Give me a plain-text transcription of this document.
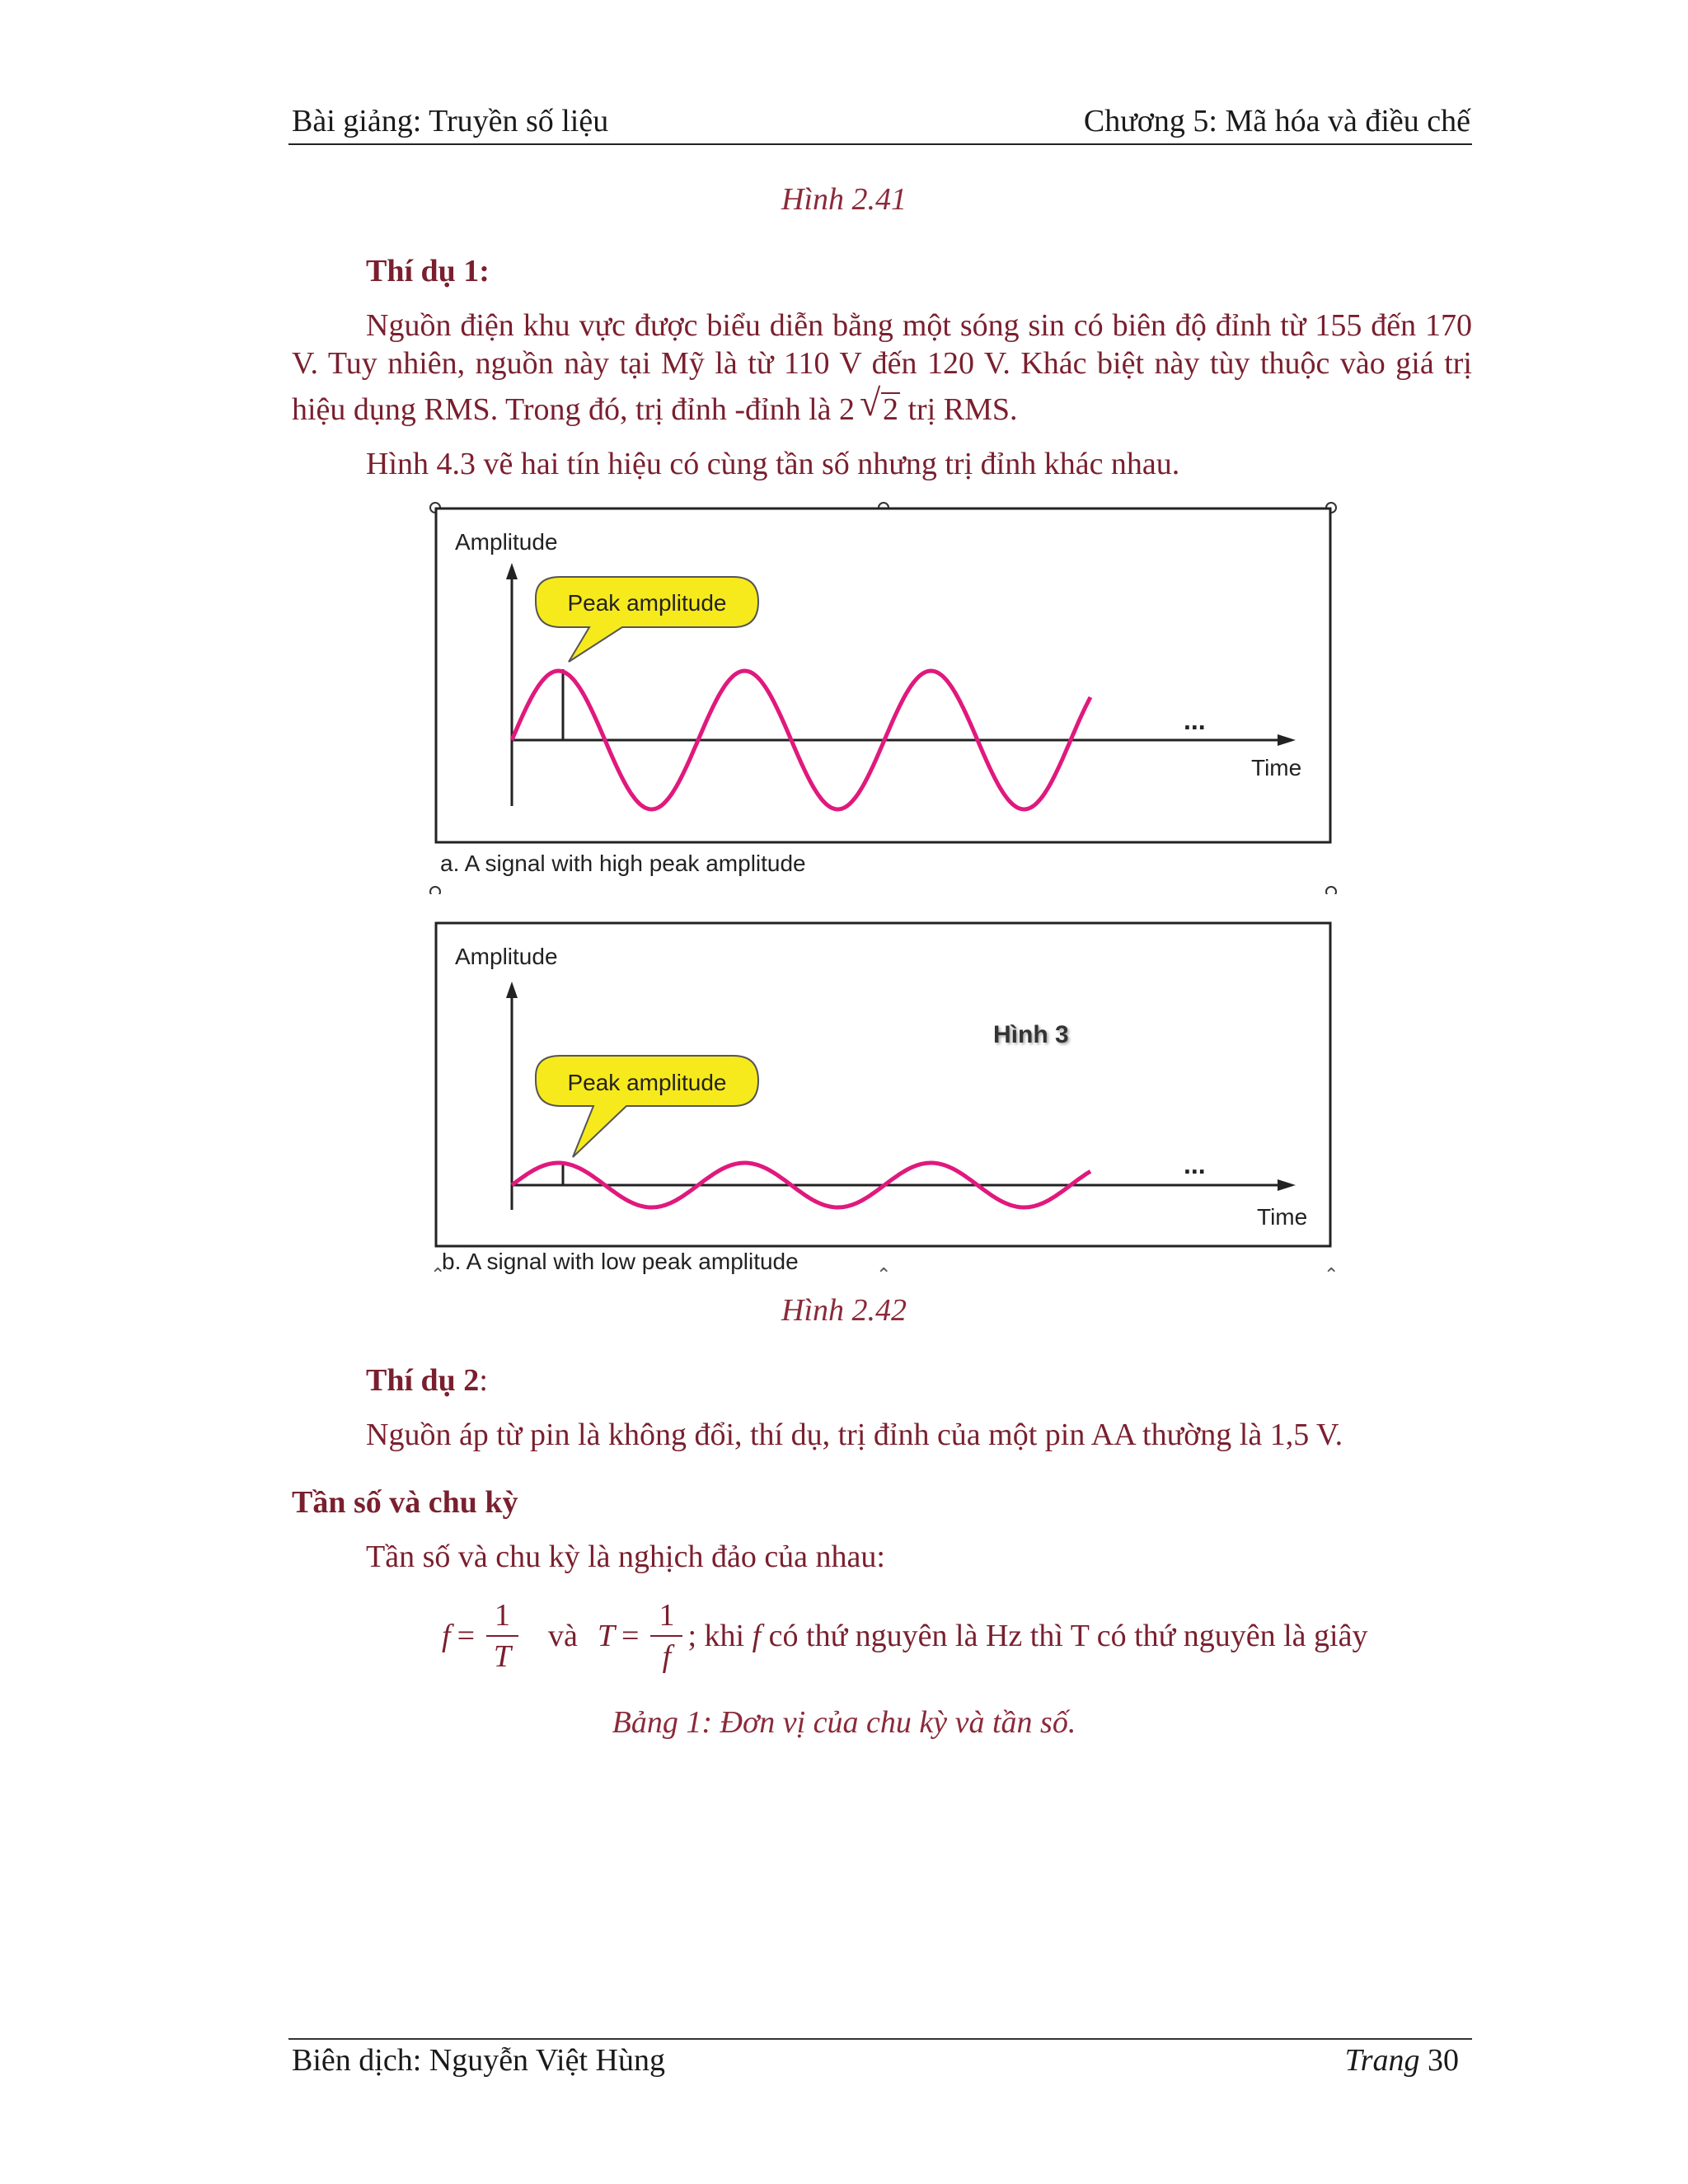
Bài giảng: Truyền số liệu	Chương 5: Mã hóa và điều chế
Hình 2.41
Thí dụ 1:
Nguồn điện khu vực được biểu diễn bằng một sóng sin có biên độ đỉnh từ 155 đến 170
V. Tuy nhiên, nguồn này tại Mỹ là từ 110 V đến 120 V. Khác biệt này tùy thuộc vào giá trị
hiệu dụng RMS. Trong đó, trị đỉnh -đỉnh là 2√ 2 trị RMS.
Hình 4.3 vẽ hai tín hiệu có cùng tần số nhưng trị đỉnh khác nhau.
Amplitude
...
Time
Peak amplitude
a. A signal with high peak amplitude
Amplitude
Hình 3
...
Time
Peak amplitude
b. A signal with low peak amplitude
⌃	⌃	⌃
Hình 2.42
Thí dụ 2:
Nguồn áp từ pin là không đổi, thí dụ, trị đỉnh của một pin AA thường là 1,5 V.
Tần số và chu kỳ
Tần số và chu kỳ là nghịch đảo của nhau:
$f = \frac{1}{T}$ và $T = \frac{1}{f}$ ; khi f có thứ nguyên là Hz thì T có thứ nguyên là giây
Bảng 1: Đơn vị của chu kỳ và tần số.
Biên dịch: Nguyễn Việt Hùng	Trang 30
